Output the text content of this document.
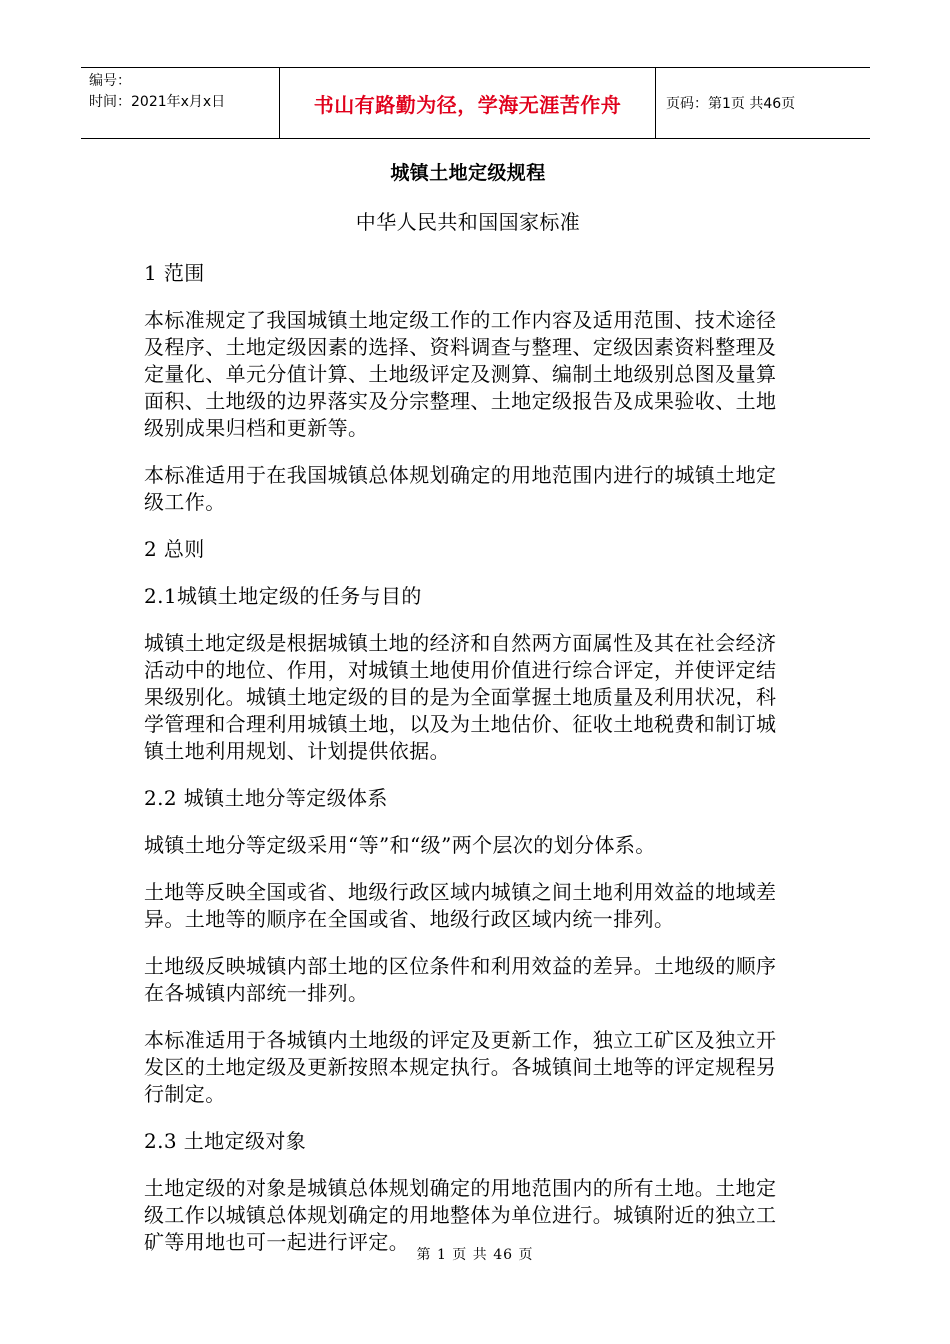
编号：
时间：2021年x月x日	书山有路勤为径，学海无涯苦作舟	页码：第1页 共46页
城镇土地定级规程
中华人民共和国国家标准

1 范围

本标准规定了我国城镇土地定级工作的工作内容及适用范围、技术途径及程序、土地定级因素的选择、资料调查与整理、定级因素资料整理及定量化、单元分值计算、土地级评定及测算、编制土地级别总图及量算面积、土地级的边界落实及分宗整理、土地定级报告及成果验收、土地级别成果归档和更新等。

本标准适用于在我国城镇总体规划确定的用地范围内进行的城镇土地定级工作。

2 总则

2.1城镇土地定级的任务与目的

城镇土地定级是根据城镇土地的经济和自然两方面属性及其在社会经济活动中的地位、作用，对城镇土地使用价值进行综合评定，并使评定结果级别化。城镇土地定级的目的是为全面掌握土地质量及利用状况，科学管理和合理利用城镇土地，以及为土地估价、征收土地税费和制订城镇土地利用规划、计划提供依据。

2.2 城镇土地分等定级体系

城镇土地分等定级采用“等”和“级”两个层次的划分体系。

土地等反映全国或省、地级行政区域内城镇之间土地利用效益的地域差异。土地等的顺序在全国或省、地级行政区域内统一排列。

土地级反映城镇内部土地的区位条件和利用效益的差异。土地级的顺序在各城镇内部统一排列。

本标准适用于各城镇内土地级的评定及更新工作，独立工矿区及独立开发区的土地定级及更新按照本规定执行。各城镇间土地等的评定规程另行制定。

2.3 土地定级对象

土地定级的对象是城镇总体规划确定的用地范围内的所有土地。土地定级工作以城镇总体规划确定的用地整体为单位进行。城镇附近的独立工矿等用地也可一起进行评定。

第 1 页 共 46 页
